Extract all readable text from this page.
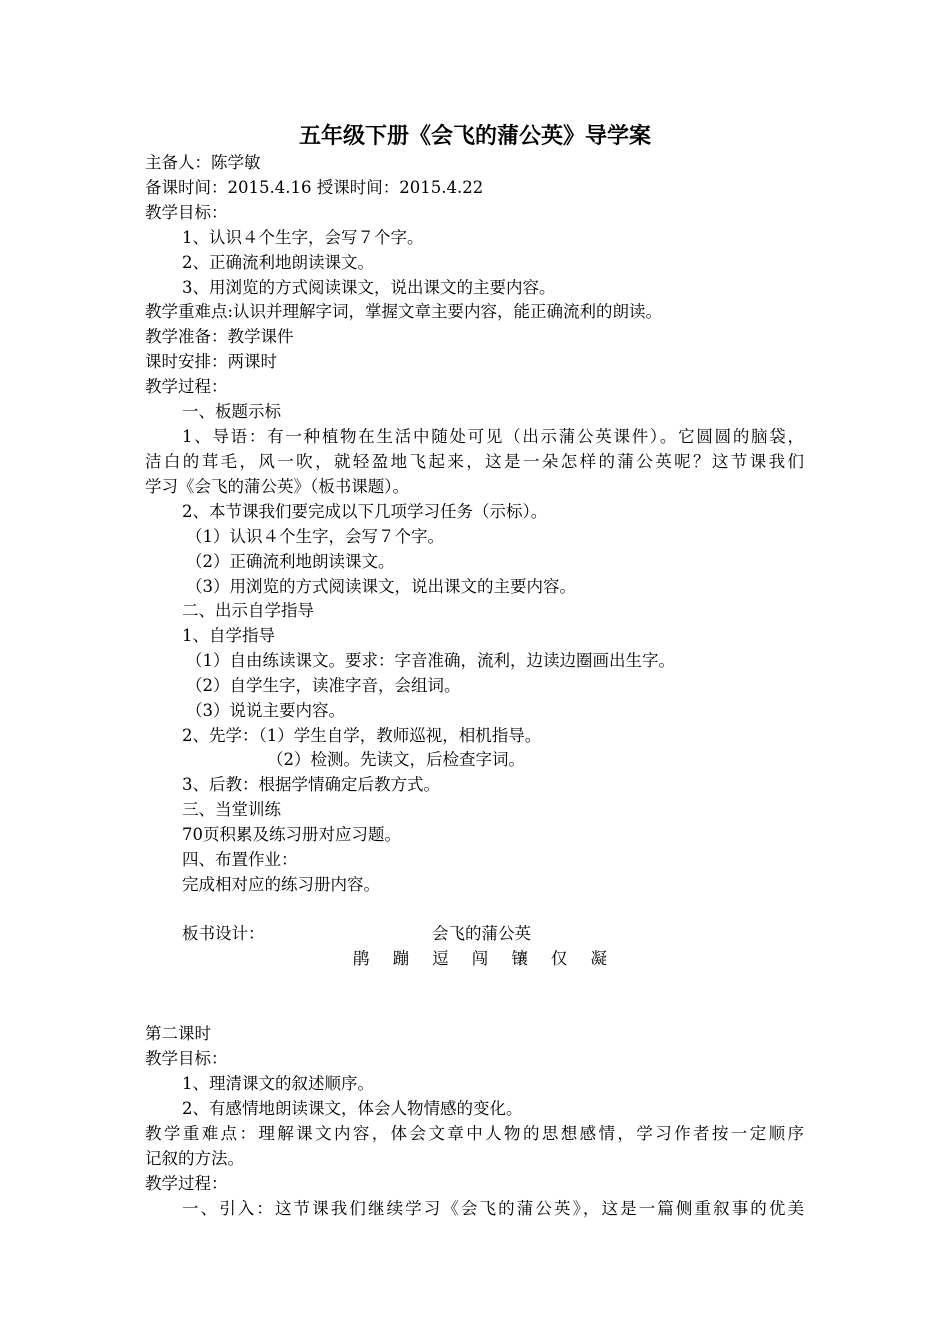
五年级下册《会飞的蒲公英》导学案
主备人：陈学敏
备课时间：2015.4.16 授课时间：2015.4.22
教学目标：
1、认识４个生字，会写７个字。
2、正确流利地朗读课文。
3、用浏览的方式阅读课文，说出课文的主要内容。
教学重难点:认识并理解字词，掌握文章主要内容，能正确流利的朗读。
教学准备：教学课件
课时安排：两课时
教学过程：
一、板题示标
1、导语：有一种植物在生活中随处可见（出示蒲公英课件）。它圆圆的脑袋，
洁白的茸毛，风一吹，就轻盈地飞起来，这是一朵怎样的蒲公英呢？这节课我们
学习《会飞的蒲公英》（板书课题）。
2、本节课我们要完成以下几项学习任务（示标）。
（1）认识４个生字，会写７个字。
（2）正确流利地朗读课文。
（3）用浏览的方式阅读课文，说出课文的主要内容。
二、出示自学指导
1、自学指导
（1）自由练读课文。要求：字音准确，流利，边读边圈画出生字。
（2）自学生字，读准字音，会组词。
（3）说说主要内容。
2、先学：（1）学生自学，教师巡视，相机指导。
（2）检测。先读文，后检查字词。
3、后教：根据学情确定后教方式。
三、当堂训练
70页积累及练习册对应习题。
四、布置作业：
完成相对应的练习册内容。
板书设计：	会飞的蒲公英
鹃　蹦　逗　闯　镶　仅　凝
第二课时
教学目标：
1、理清课文的叙述顺序。
2、有感情地朗读课文，体会人物情感的变化。
教学重难点：理解课文内容，体会文章中人物的思想感情，学习作者按一定顺序
记叙的方法。
教学过程：
一、引入：这节课我们继续学习《会飞的蒲公英》，这是一篇侧重叙事的优美
